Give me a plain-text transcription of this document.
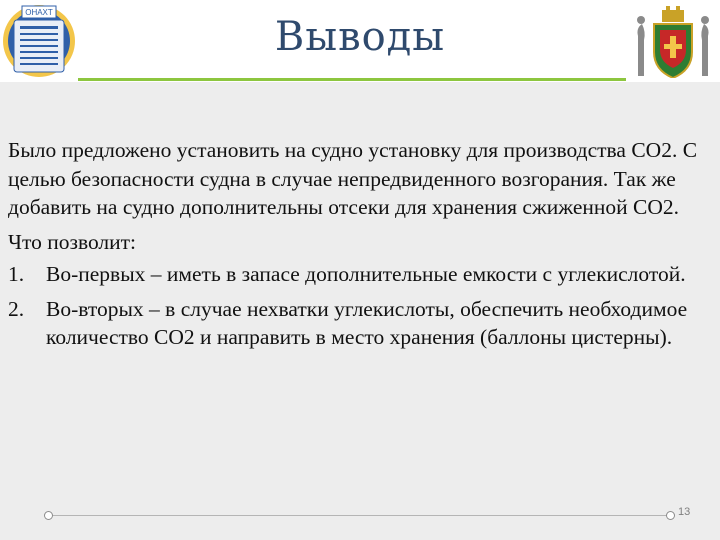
ОНАХТ
Выводы

Было предложено установить на судно установку для производства СО2. С целью безопасности судна в случае непредвиденного возгорания. Так же добавить на судно дополнительны отсеки для хранения сжиженной СО2.

Что позволит:

1. Во-первых – иметь в запасе дополнительные емкости с углекислотой.
2. Во-вторых – в случае нехватки углекислоты, обеспечить необходимое количество СО2 и направить в место хранения (баллоны цистерны).
13
